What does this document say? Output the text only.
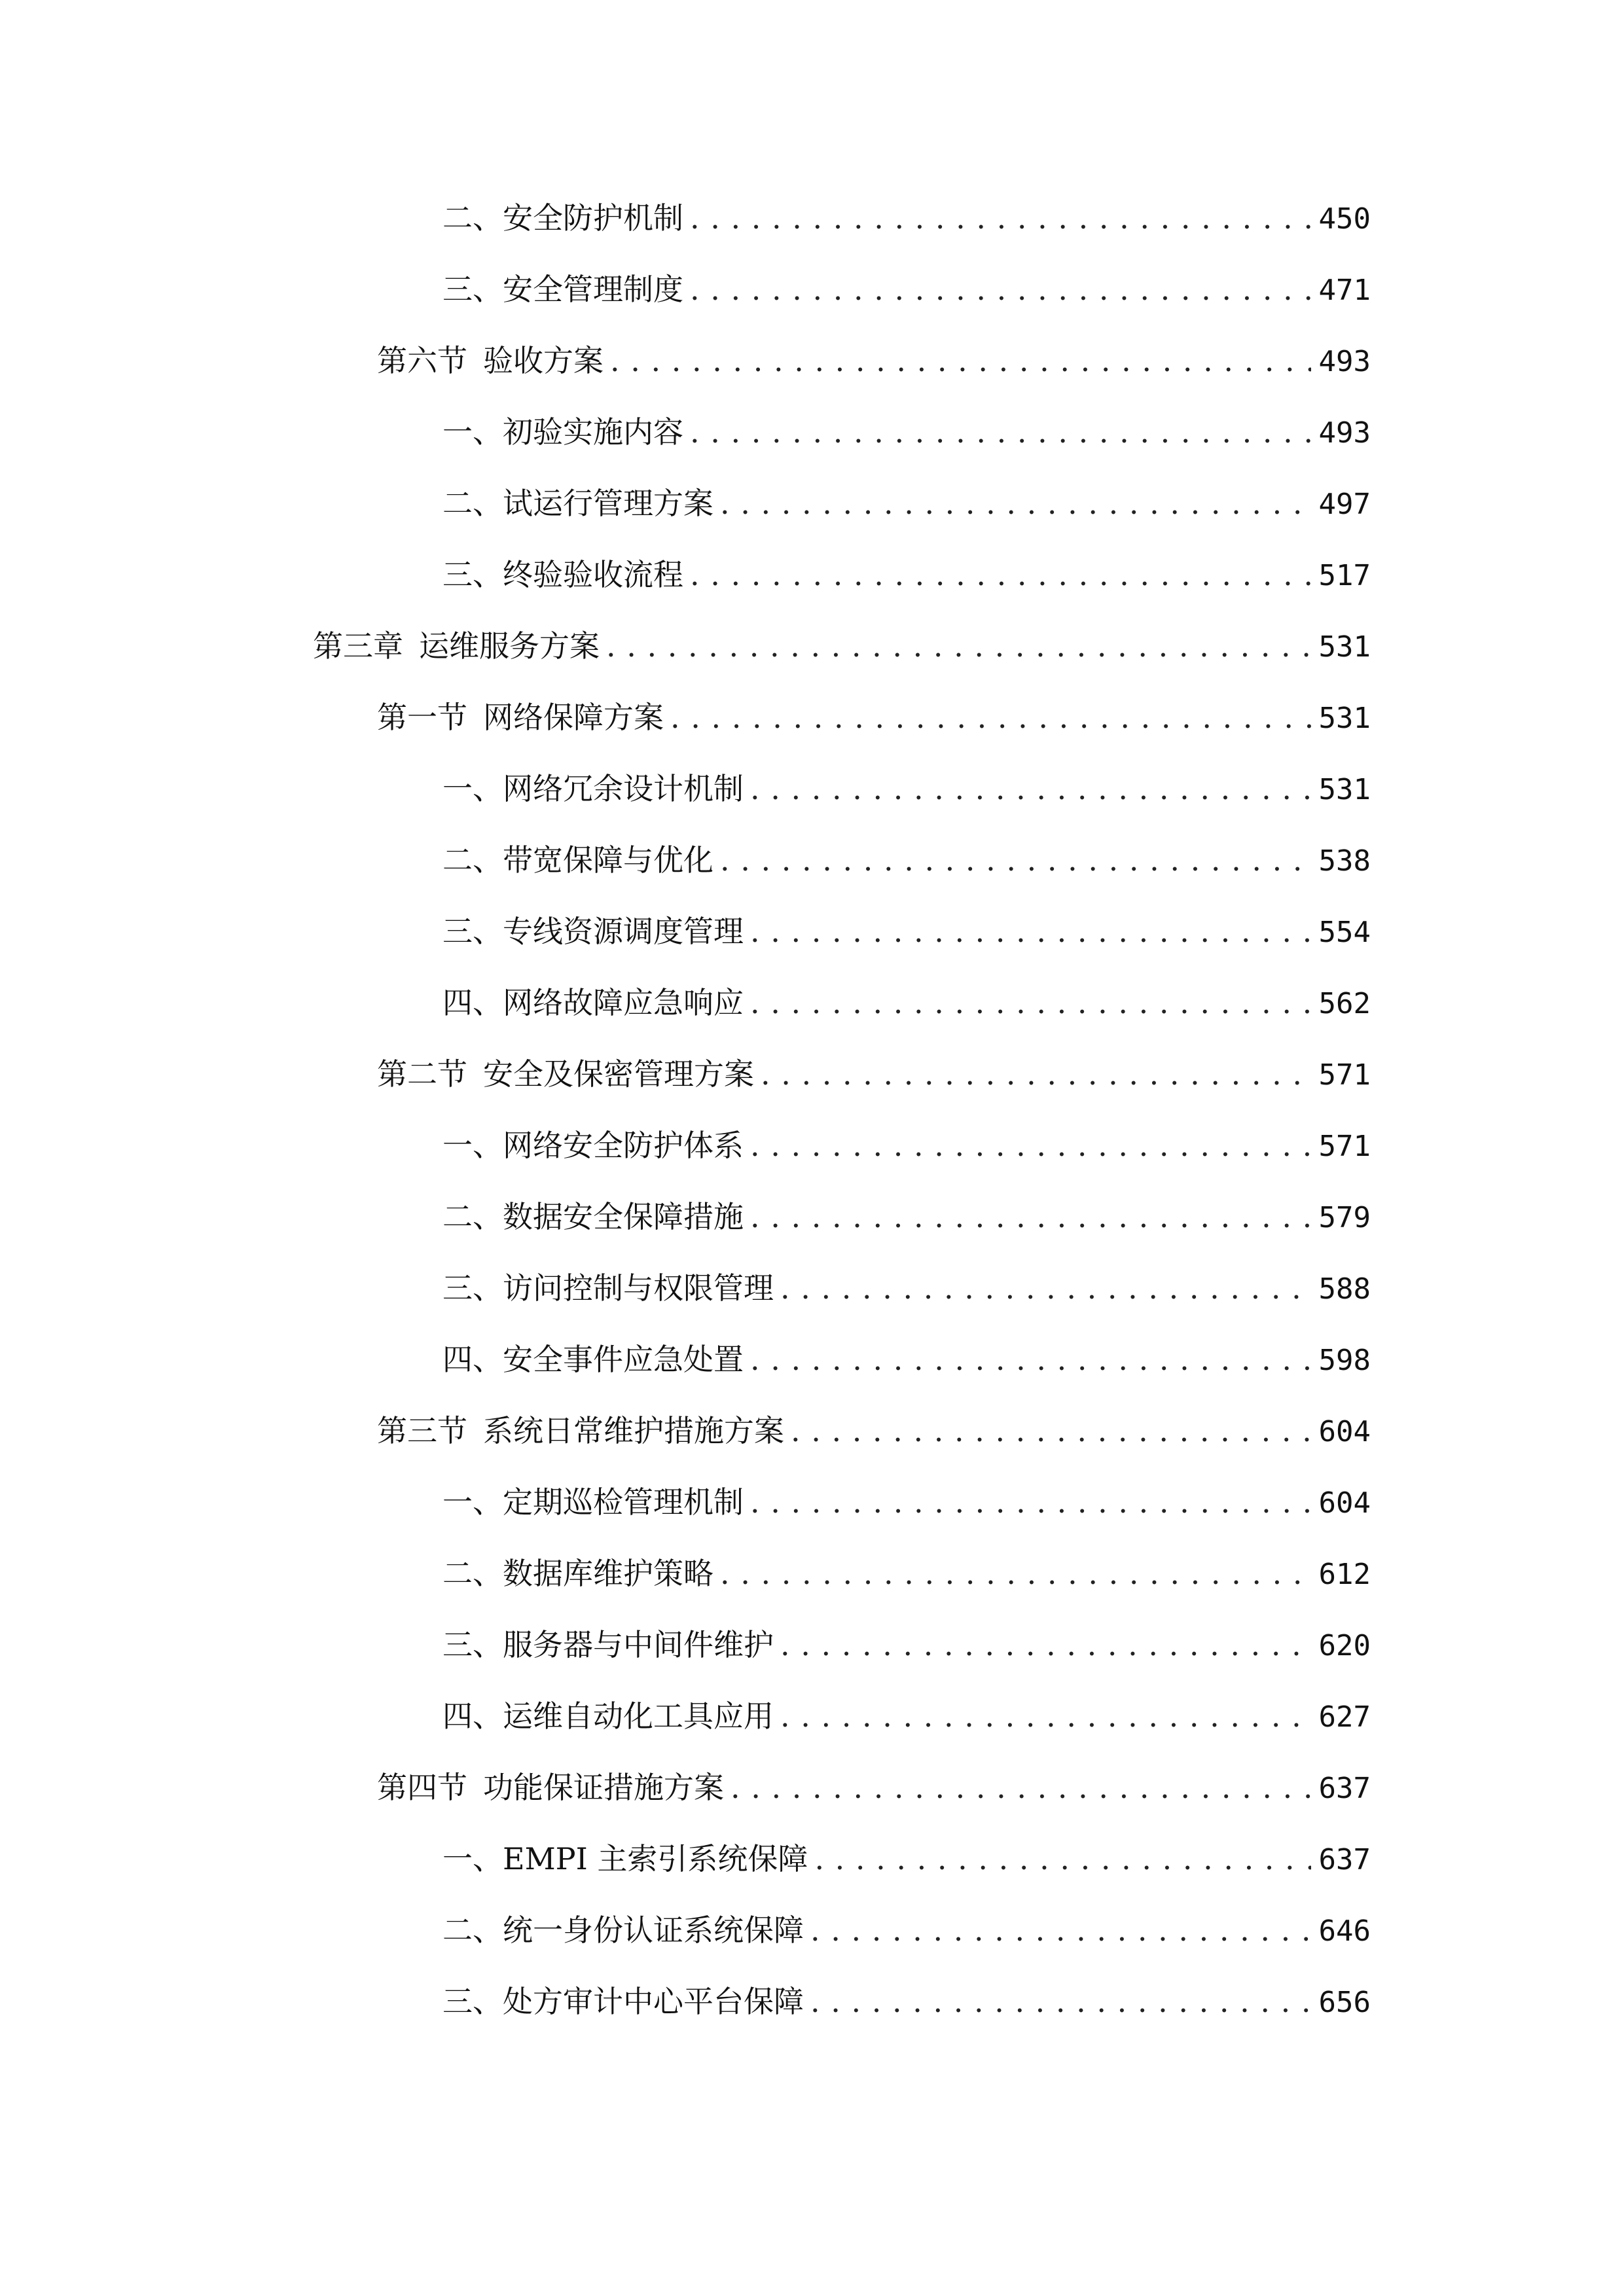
二、 安全防护机制 . . .	450
三、 安全管理制度 . . .	471
第六节 验收方案 . . .	493
一、 初验实施内容 . . .	493
二、 试运行管理方案 . . .	497
三、 终验验收流程 . . .	517
第三章 运维服务方案 . . .	531
第一节 网络保障方案 . . .	531
一、 网络冗余设计机制 . . .	531
二、 带宽保障与优化 . . .	538
三、 专线资源调度管理 . . .	554
四、 网络故障应急响应 . . .	562
第二节 安全及保密管理方案 . . .	571
一、 网络安全防护体系 . . .	571
二、 数据安全保障措施 . . .	579
三、 访问控制与权限管理 . . .	588
四、 安全事件应急处置 . . .	598
第三节 系统日常维护措施方案 . . .	604
一、 定期巡检管理机制 . . .	604
二、 数据库维护策略 . . .	612
三、 服务器与中间件维护 . . .	620
四、 运维自动化工具应用 . . .	627
第四节 功能保证措施方案 . . .	637
一、 EMPI 主索引系统保障 . . .	637
二、 统一身份认证系统保障 . . .	646
三、 处方审计中心平台保障 . . .	656
